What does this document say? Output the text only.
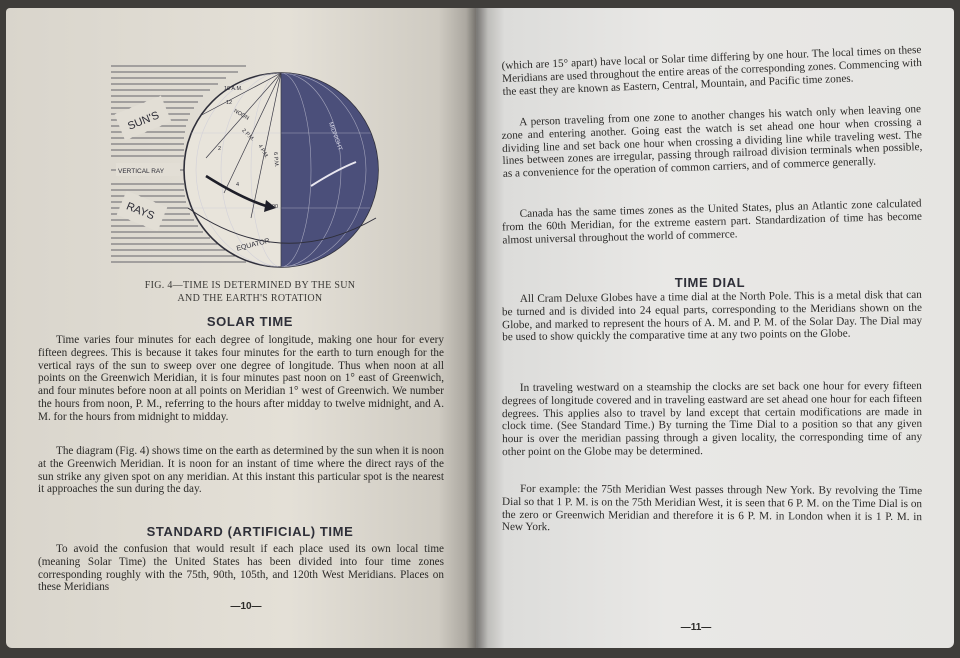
SUN'S
VERTICAL RAY
RAYS
EQUATOR
10 A.M.
NOON
2 P.M.
4 P.M. 6 P.M.
12
2
4
90
MIDNIGHT
FIG. 4—TIME IS DETERMINED BY THE SUN
AND THE EARTH'S ROTATION
SOLAR TIME

Time varies four minutes for each degree of longitude, making one hour for every fifteen degrees. This is because it takes four minutes for the earth to turn enough for the vertical rays of the sun to sweep over one degree of longitude. Thus when noon at all points on the Greenwich Meridian, it is four minutes past noon on 1° east of Greenwich, and four minutes before noon at all points on Meridian 1° west of Greenwich. We number the hours from noon, P. M., referring to the hours after midday to twelve midnight, and A. M. for the hours from midnight to midday.

The diagram (Fig. 4) shows time on the earth as determined by the sun when it is noon at the Greenwich Meridian. It is noon for an instant of time where the direct rays of the sun strike any given spot on any meridian. At this instant this particular spot is the nearest it approaches the sun during the day.

STANDARD (ARTIFICIAL) TIME

To avoid the confusion that would result if each place used its own local time (meaning Solar Time) the United States has been divided into four time zones corresponding roughly with the 75th, 90th, 105th, and 120th West Meridians. Places on these Meridians

—10—

(which are 15° apart) have local or Solar time differing by one hour. The local times on these Meridians are used throughout the entire areas of the corresponding zones. Commencing with the east they are known as Eastern, Central, Mountain, and Pacific time zones.

A person traveling from one zone to another changes his watch only when leaving one zone and entering another. Going east the watch is set ahead one hour when crossing a dividing line and set back one hour when crossing a dividing line while traveling west. The lines between zones are irregular, passing through railroad division terminals when possible, as a convenience for the operation of common carriers, and of commerce generally.

Canada has the same times zones as the United States, plus an Atlantic zone calculated from the 60th Meridian, for the extreme eastern part. Standardization of time has become almost universal throughout the world of commerce.

TIME DIAL

All Cram Deluxe Globes have a time dial at the North Pole. This is a metal disk that can be turned and is divided into 24 equal parts, corresponding to the Meridians shown on the Globe, and marked to represent the hours of A. M. and P. M. of the Solar Day. The Dial may be used to show quickly the comparative time at any two points on the Globe.

In traveling westward on a steamship the clocks are set back one hour for every fifteen degrees of longitude covered and in traveling eastward are set ahead one hour for each fifteen degrees. This applies also to travel by land except that certain modifications are made in clock time. (See Standard Time.) By turning the Time Dial to a position so that any given hour is over the meridian passing through a given locality, the corresponding time of any other point on the Globe may be determined.

For example: the 75th Meridian West passes through New York. By revolving the Time Dial so that 1 P. M. is on the 75th Meridian West, it is seen that 6 P. M. on the Time Dial is on the zero or Greenwich Meridian and therefore it is 6 P. M. in London when it is 1 P. M. in New York.

—11—
